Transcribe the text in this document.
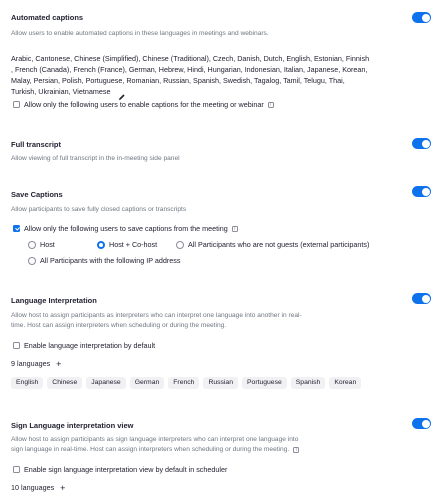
Automated captions
Allow users to enable automated captions in these languages in meetings and webinars.
Arabic, Cantonese, Chinese (Simplified), Chinese (Traditional), Czech, Danish, Dutch, English, Estonian, Finnish
, French (Canada), French (France), German, Hebrew, Hindi, Hungarian, Indonesian, Italian, Japanese, Korean,
Malay, Persian, Polish, Portuguese, Romanian, Russian, Spanish, Swedish, Tagalog, Tamil, Telugu, Thai,
Turkish, Ukrainian, Vietnamese
Allow only the following users to enable captions for the meeting or webinar	i
Full transcript
Allow viewing of full transcript in the in-meeting side panel
Save Captions
Allow participants to save fully closed captions or transcripts
Allow only the following users to save captions from the meeting	i
Host	Host + Co-host	All Participants who are not guests (external participants)
All Participants with the following IP address
Language Interpretation
Allow host to assign participants as interpreters who can interpret one language into another in real-
time. Host can assign interpreters when scheduling or during the meeting.
Enable language interpretation by default
9 languages +
English	Chinese	Japanese	German	French	Russian	Portuguese	Spanish	Korean
Sign Language interpretation view
Allow host to assign participants as sign language interpreters who can interpret one language into
sign language in real-time. Host can assign interpreters when scheduling or during the meeting.	i
Enable sign language interpretation view by default in scheduler
10 languages +
